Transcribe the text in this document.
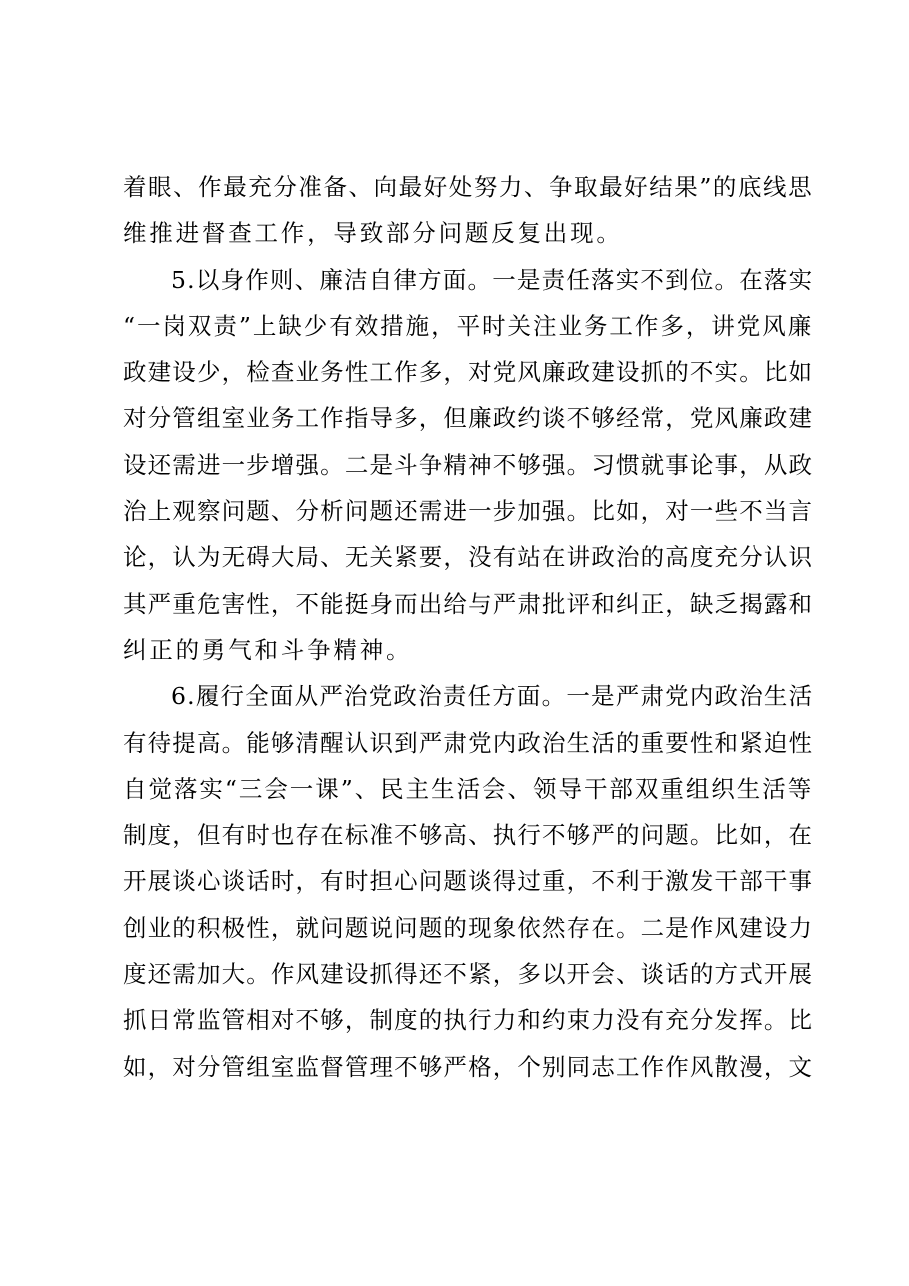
着眼、作最充分准备、向最好处努力、争取最好结果”的底线思
维推进督查工作，导致部分问题反复出现。
5.以身作则、廉洁自律方面。一是责任落实不到位。在落实
“一岗双责”上缺少有效措施，平时关注业务工作多，讲党风廉
政建设少，检查业务性工作多，对党风廉政建设抓的不实。比如
对分管组室业务工作指导多，但廉政约谈不够经常，党风廉政建
设还需进一步增强。二是斗争精神不够强。习惯就事论事，从政
治上观察问题、分析问题还需进一步加强。比如，对一些不当言
论，认为无碍大局、无关紧要，没有站在讲政治的高度充分认识
其严重危害性，不能挺身而出给与严肃批评和纠正，缺乏揭露和
纠正的勇气和斗争精神。
6.履行全面从严治党政治责任方面。一是严肃党内政治生活
有待提高。能够清醒认识到严肃党内政治生活的重要性和紧迫性
自觉落实“三会一课”、民主生活会、领导干部双重组织生活等
制度，但有时也存在标准不够高、执行不够严的问题。比如，在
开展谈心谈话时，有时担心问题谈得过重，不利于激发干部干事
创业的积极性，就问题说问题的现象依然存在。二是作风建设力
度还需加大。作风建设抓得还不紧，多以开会、谈话的方式开展
抓日常监管相对不够，制度的执行力和约束力没有充分发挥。比
如，对分管组室监督管理不够严格，个别同志工作作风散漫，文
